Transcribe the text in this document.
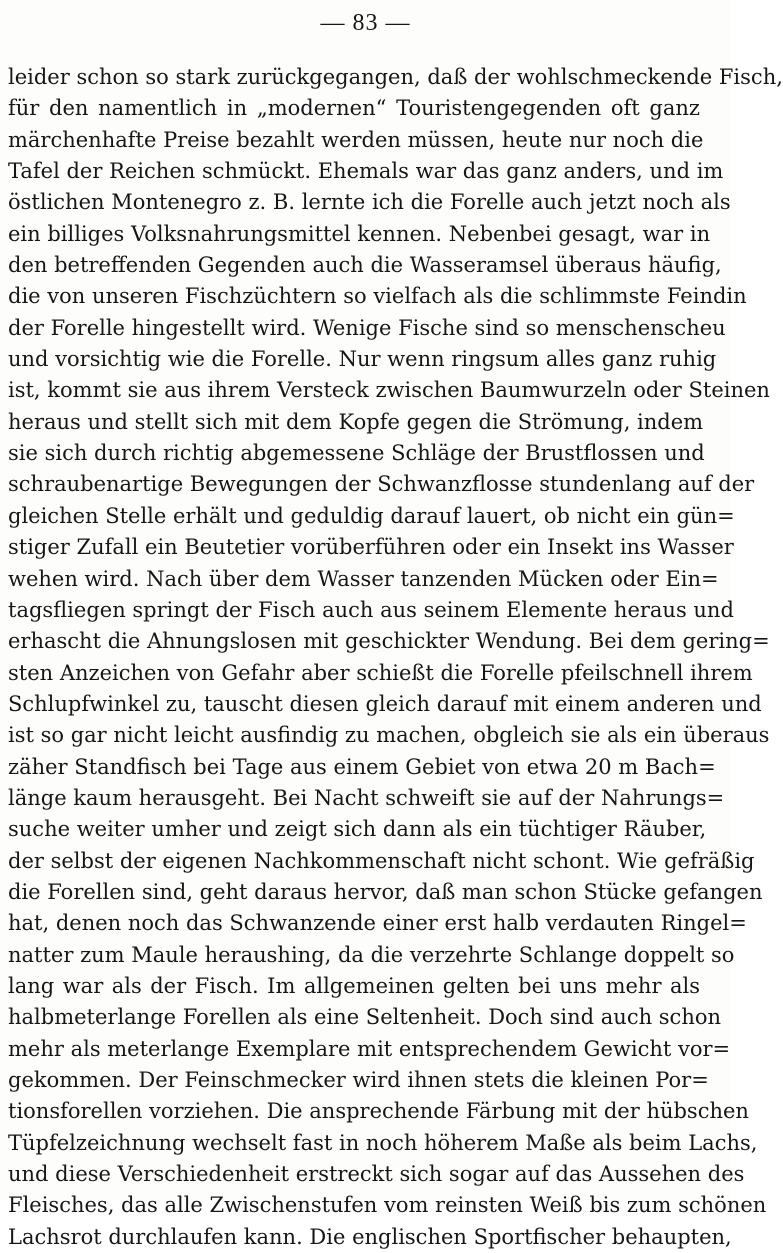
— 83 —
leider schon so stark zurückgegangen, daß der wohlschmeckende Fisch,
für den namentlich in „modernen“ Touristengegenden oft ganz
märchenhafte Preise bezahlt werden müssen, heute nur noch die
Tafel der Reichen schmückt. Ehemals war das ganz anders, und im
östlichen Montenegro z. B. lernte ich die Forelle auch jetzt noch als
ein billiges Volksnahrungsmittel kennen. Nebenbei gesagt, war in
den betreffenden Gegenden auch die Wasseramsel überaus häufig,
die von unseren Fischzüchtern so vielfach als die schlimmste Feindin
der Forelle hingestellt wird. Wenige Fische sind so menschenscheu
und vorsichtig wie die Forelle. Nur wenn ringsum alles ganz ruhig
ist, kommt sie aus ihrem Versteck zwischen Baumwurzeln oder Steinen
heraus und stellt sich mit dem Kopfe gegen die Strömung, indem
sie sich durch richtig abgemessene Schläge der Brustflossen und
schraubenartige Bewegungen der Schwanzflosse stundenlang auf der
gleichen Stelle erhält und geduldig darauf lauert, ob nicht ein gün=
stiger Zufall ein Beutetier vorüberführen oder ein Insekt ins Wasser
wehen wird. Nach über dem Wasser tanzenden Mücken oder Ein=
tagsfliegen springt der Fisch auch aus seinem Elemente heraus und
erhascht die Ahnungslosen mit geschickter Wendung. Bei dem gering=
sten Anzeichen von Gefahr aber schießt die Forelle pfeilschnell ihrem
Schlupfwinkel zu, tauscht diesen gleich darauf mit einem anderen und
ist so gar nicht leicht ausfindig zu machen, obgleich sie als ein überaus
zäher Standfisch bei Tage aus einem Gebiet von etwa 20 m Bach=
länge kaum herausgeht. Bei Nacht schweift sie auf der Nahrungs=
suche weiter umher und zeigt sich dann als ein tüchtiger Räuber,
der selbst der eigenen Nachkommenschaft nicht schont. Wie gefräßig
die Forellen sind, geht daraus hervor, daß man schon Stücke gefangen
hat, denen noch das Schwanzende einer erst halb verdauten Ringel=
natter zum Maule heraushing, da die verzehrte Schlange doppelt so
lang war als der Fisch. Im allgemeinen gelten bei uns mehr als
halbmeterlange Forellen als eine Seltenheit. Doch sind auch schon
mehr als meterlange Exemplare mit entsprechendem Gewicht vor=
gekommen. Der Feinschmecker wird ihnen stets die kleinen Por=
tionsforellen vorziehen. Die ansprechende Färbung mit der hübschen
Tüpfelzeichnung wechselt fast in noch höherem Maße als beim Lachs,
und diese Verschiedenheit erstreckt sich sogar auf das Aussehen des
Fleisches, das alle Zwischenstufen vom reinsten Weiß bis zum schönen
Lachsrot durchlaufen kann. Die englischen Sportfischer behaupten,
